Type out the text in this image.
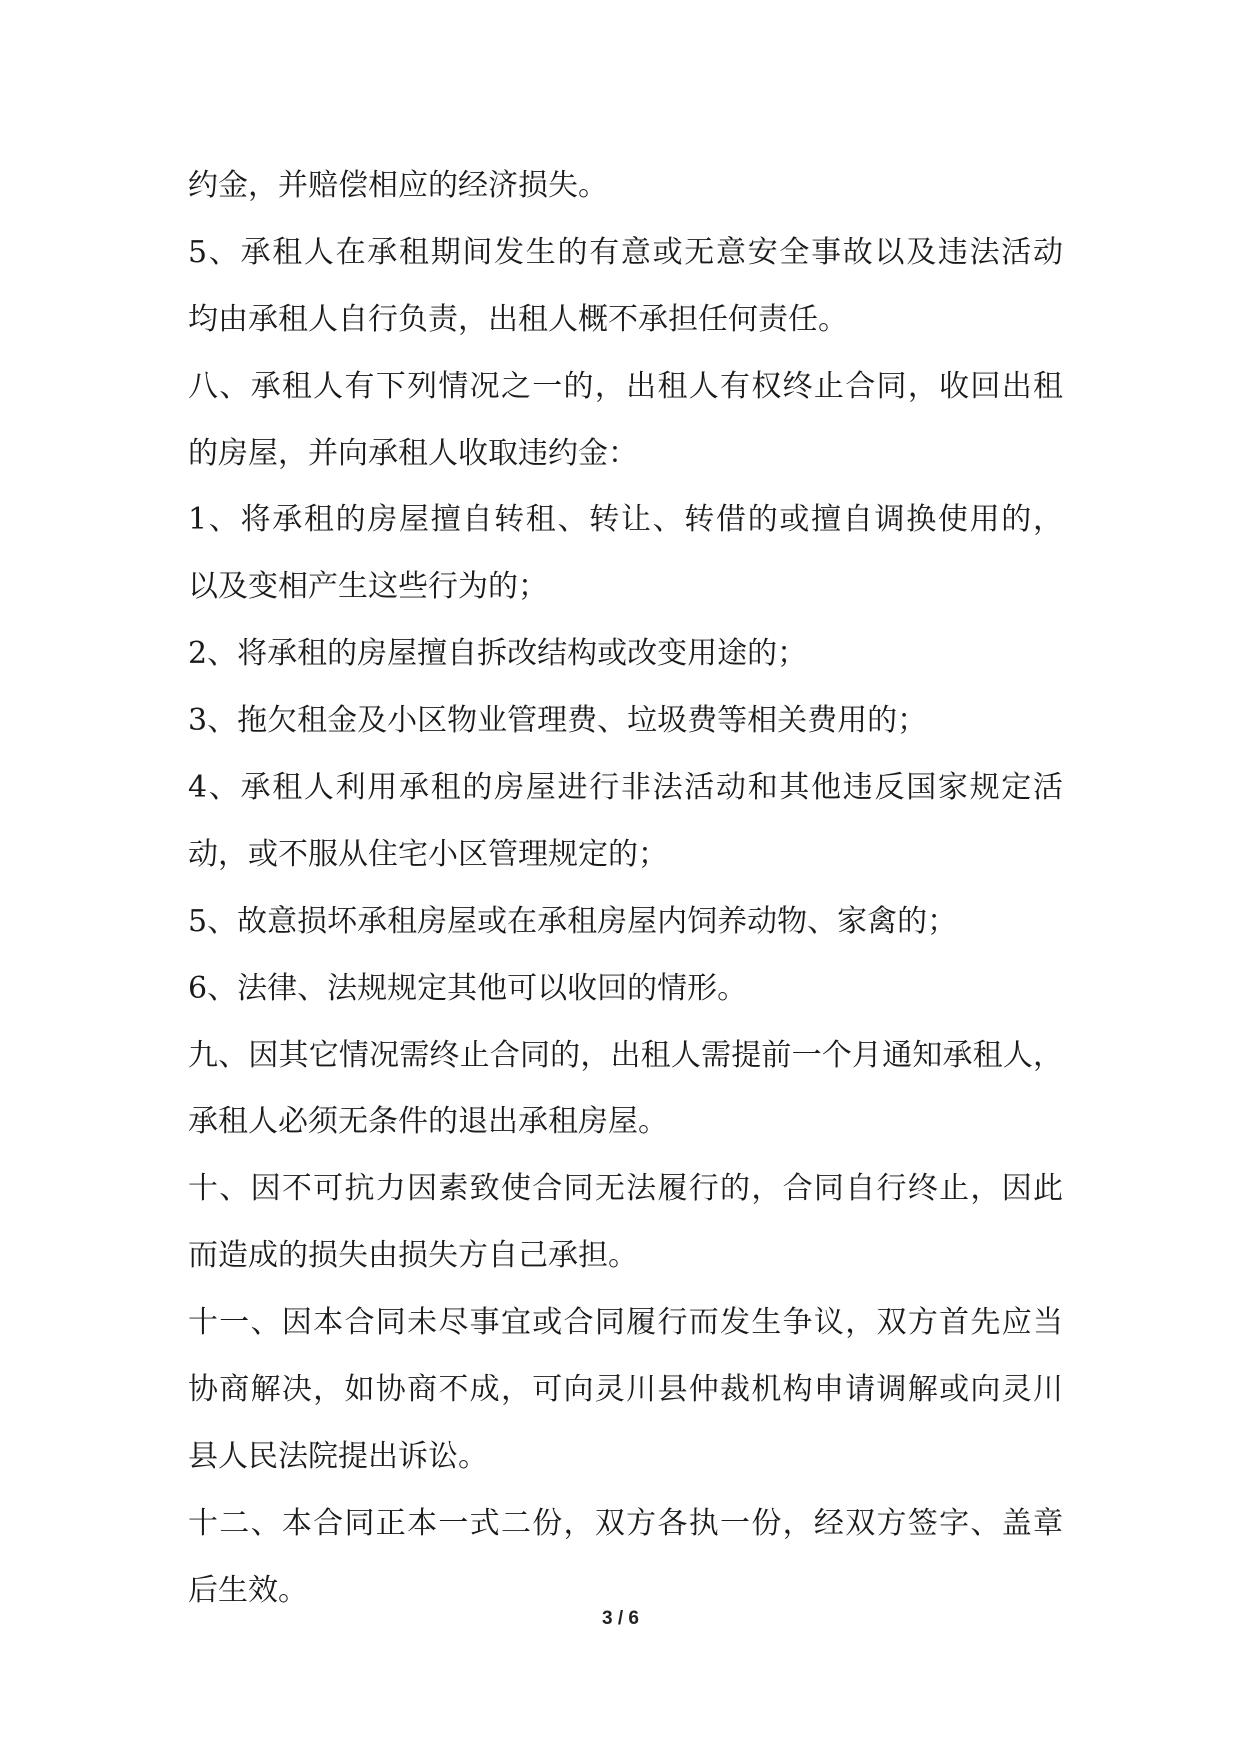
约金，并赔偿相应的经济损失。
5、承租人在承租期间发生的有意或无意安全事故以及违法活动
均由承租人自行负责，出租人概不承担任何责任。
八、承租人有下列情况之一的，出租人有权终止合同，收回出租
的房屋，并向承租人收取违约金：
1、将承租的房屋擅自转租、转让、转借的或擅自调换使用的，
以及变相产生这些行为的；
2、将承租的房屋擅自拆改结构或改变用途的；
3、拖欠租金及小区物业管理费、垃圾费等相关费用的；
4、承租人利用承租的房屋进行非法活动和其他违反国家规定活
动，或不服从住宅小区管理规定的；
5、故意损坏承租房屋或在承租房屋内饲养动物、家禽的；
6、法律、法规规定其他可以收回的情形。
九、因其它情况需终止合同的，出租人需提前一个月通知承租人，
承租人必须无条件的退出承租房屋。
十、因不可抗力因素致使合同无法履行的，合同自行终止，因此
而造成的损失由损失方自己承担。
十一、因本合同未尽事宜或合同履行而发生争议，双方首先应当
协商解决，如协商不成，可向灵川县仲裁机构申请调解或向灵川
县人民法院提出诉讼。
十二、本合同正本一式二份，双方各执一份，经双方签字、盖章
后生效。
3 / 6
